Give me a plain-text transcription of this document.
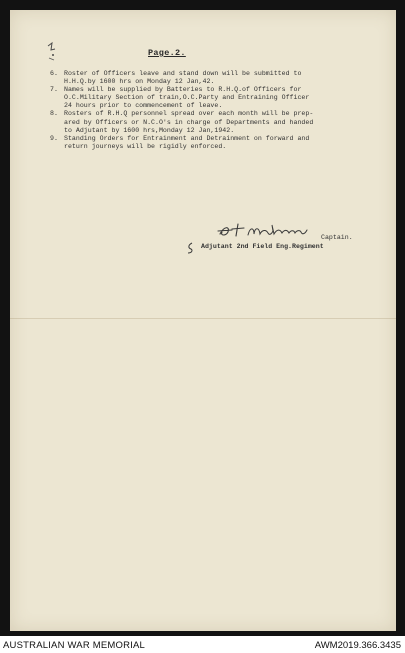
Page.2.
6. Roster of Officers leave and stand down will be submitted to
H.H.Q.by 1600 hrs on Monday 12 Jan,42.
7. Names will be supplied by Batteries to R.H.Q.of Officers for
O.C.Military Section of train,O.C.Party and Entraining Officer
24 hours prior to commencement of leave.
8. Rosters of R.H.Q personnel spread over each month will be prep-
ared by Officers or N.C.O's in charge of Departments and handed
to Adjutant by 1600 hrs,Monday 12 Jan,1942.
9. Standing Orders for Entrainment and Detrainment on forward and
return journeys will be rigidly enforced.
Captain.
Adjutant 2nd Field Eng.Regiment
AUSTRALIAN WAR MEMORIAL	AWM2019.366.3435
